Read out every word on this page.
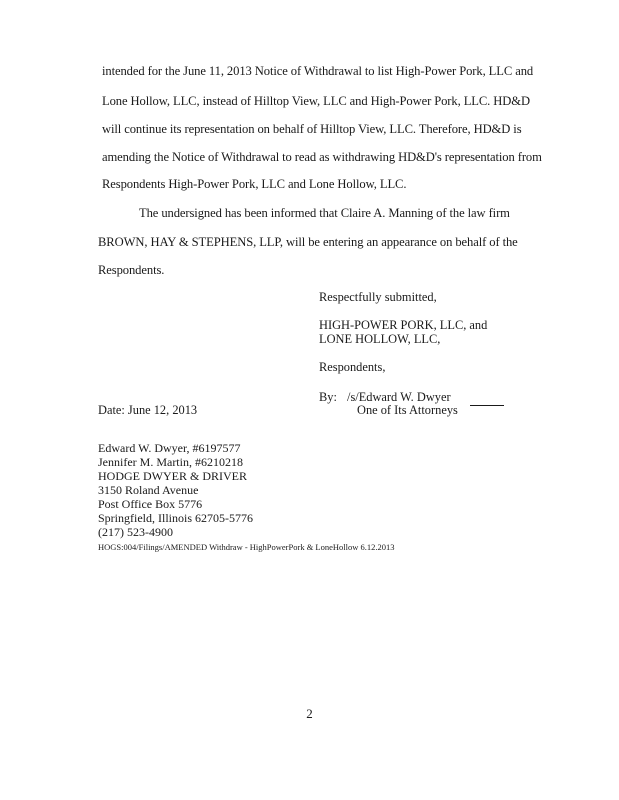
intended for the June 11, 2013 Notice of Withdrawal to list High-Power Pork, LLC and
Lone Hollow, LLC, instead of Hilltop View, LLC and High-Power Pork, LLC. HD&D
will continue its representation on behalf of Hilltop View, LLC. Therefore, HD&D is
amending the Notice of Withdrawal to read as withdrawing HD&D's representation from
Respondents High-Power Pork, LLC and Lone Hollow, LLC.
The undersigned has been informed that Claire A. Manning of the law firm
BROWN, HAY & STEPHENS, LLP, will be entering an appearance on behalf of the
Respondents.
Respectfully submitted,
HIGH-POWER PORK, LLC, and
LONE HOLLOW, LLC,
Respondents,
By: /s/Edward W. Dwyer
One of Its Attorneys
Date: June 12, 2013
Edward W. Dwyer, #6197577
Jennifer M. Martin, #6210218
HODGE DWYER & DRIVER
3150 Roland Avenue
Post Office Box 5776
Springfield, Illinois 62705-5776
(217) 523-4900
HOGS:004/Filings/AMENDED Withdraw - HighPowerPork & LoneHollow 6.12.2013
2
